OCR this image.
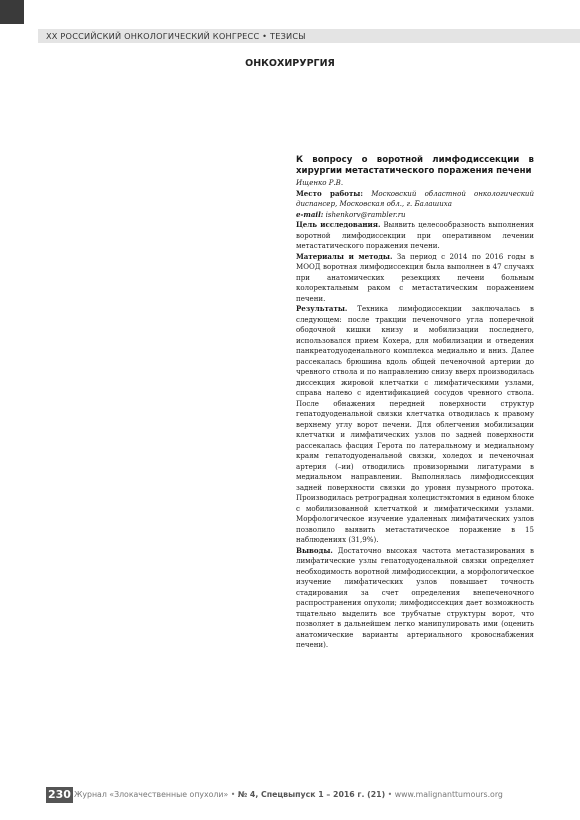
XX РОССИЙСКИЙ ОНКОЛОГИЧЕСКИЙ КОНГРЕСС • ТЕЗИСЫ
ОНКОХИРУРГИЯ

К вопросу о воротной лимфодиссекции в хирургии метастатического поражения печени

Ищенко Р.В.

Место работы: Московский областной онкологический диспансер, Московская обл., г. Балашиха

e-mail: ishenkorv@rambler.ru

Цель исследования. Выявить целесообразность выполнения воротной лимфодиссекции при оперативном лечении метастатического поражения печени.

Материалы и методы. За период с 2014 по 2016 годы в МООД воротная лимфодиссекция была выполнен в 47 случаях при анатомических резекциях печени больным колоректальным раком с метастатическим поражением печени.

Результаты. Техника лимфодиссекции заключалась в следующем: после тракции печеночного угла поперечной ободочной кишки книзу и мобилизации последнего, использовался прием Кохера, для мобилизации и отведения панкреатодуоденального комплекса медиально и вниз. Далее рассекалась брюшина вдоль общей печеночной артерии до чревного ствола и по направлению снизу вверх производилась диссекция жировой клетчатки с лимфатическими узлами, справа налево с идентификацией сосудов чревного ствола. После обнажения передней поверхности структур гепатодуоденальной связки клетчатка отводилась к правому верхнему углу ворот печени. Для облегчения мобилизации клетчатки и лимфатических узлов по задней поверхности рассекалась фасция Герота по латеральному и медиальному краям гепатодуоденальной связки, холедох и печеночная артерия (–ии) отводились провизорными лигатурами в медиальном направлении. Выполнялась лимфодиссекция задней поверхности связки до уровня пузырного протока. Производилась ретроградная холецистэктомия в едином блоке с мобилизованной клетчаткой и лимфатическими узлами. Морфологическое изучение удаленных лимфатических узлов позволило выявить метастатическое поражение в 15 наблюдениях (31,9%).

Выводы. Достаточно высокая частота метастазирования в лимфатические узлы гепатодуоденальной связки определяет необходимость воротной лимфодиссекции, а морфологическое изучение лимфатических узлов повышает точность стадирования за счет определения внепеченочного распространения опухоли; лимфодиссекция дает возможность тщательно выделить все трубчатые структуры ворот, что позволяет в дальнейшем легко манипулировать ими (оценить анатомические варианты артериального кровоснабжения печени).

230 Журнал «Злокачественные опухоли» • № 4, Спецвыпуск 1 – 2016 г. (21) • www.malignanttumours.org
